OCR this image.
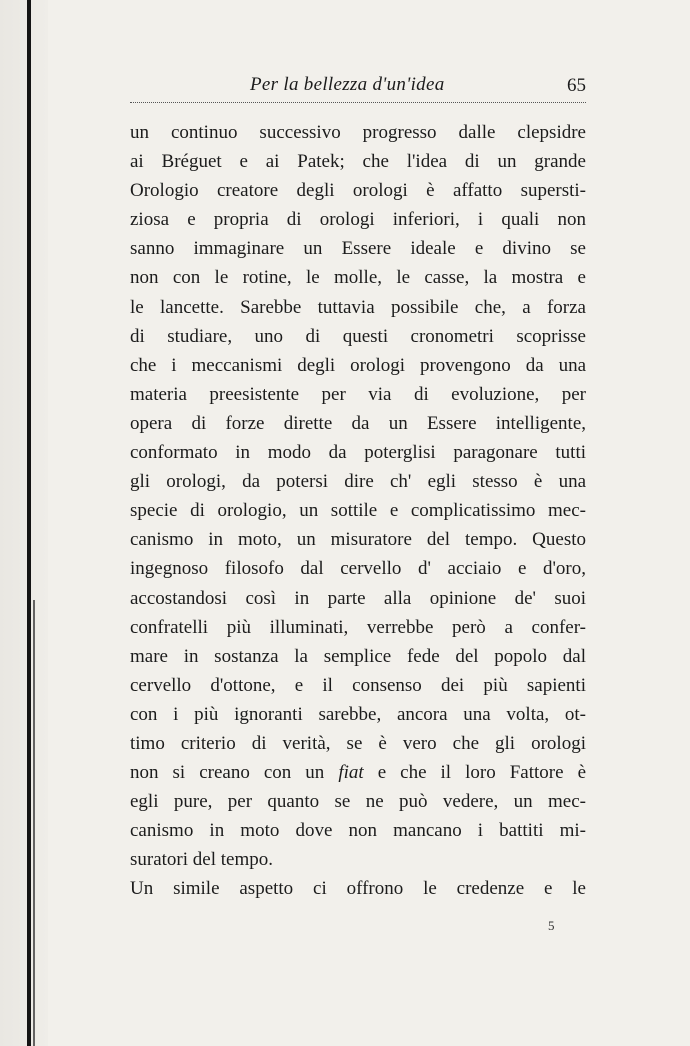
Per la bellezza d'un'idea	65
un continuo successivo progresso dalle clepsidre
ai Bréguet e ai Patek; che l'idea di un grande
Orologio creatore degli orologi è affatto supersti-
ziosa e propria di orologi inferiori, i quali non
sanno immaginare un Essere ideale e divino se
non con le rotine, le molle, le casse, la mostra e
le lancette. Sarebbe tuttavia possibile che, a forza
di studiare, uno di questi cronometri scoprisse
che i meccanismi degli orologi provengono da una
materia preesistente per via di evoluzione, per
opera di forze dirette da un Essere intelligente,
conformato in modo da poterglisi paragonare tutti
gli orologi, da potersi dire ch' egli stesso è una
specie di orologio, un sottile e complicatissimo mec-
canismo in moto, un misuratore del tempo. Questo
ingegnoso filosofo dal cervello d' acciaio e d'oro,
accostandosi così in parte alla opinione de' suoi
confratelli più illuminati, verrebbe però a confer-
mare in sostanza la semplice fede del popolo dal
cervello d'ottone, e il consenso dei più sapienti
con i più ignoranti sarebbe, ancora una volta, ot-
timo criterio di verità, se è vero che gli orologi
non si creano con un fiat e che il loro Fattore è
egli pure, per quanto se ne può vedere, un mec-
canismo in moto dove non mancano i battiti mi-
suratori del tempo.
Un simile aspetto ci offrono le credenze e le
5
